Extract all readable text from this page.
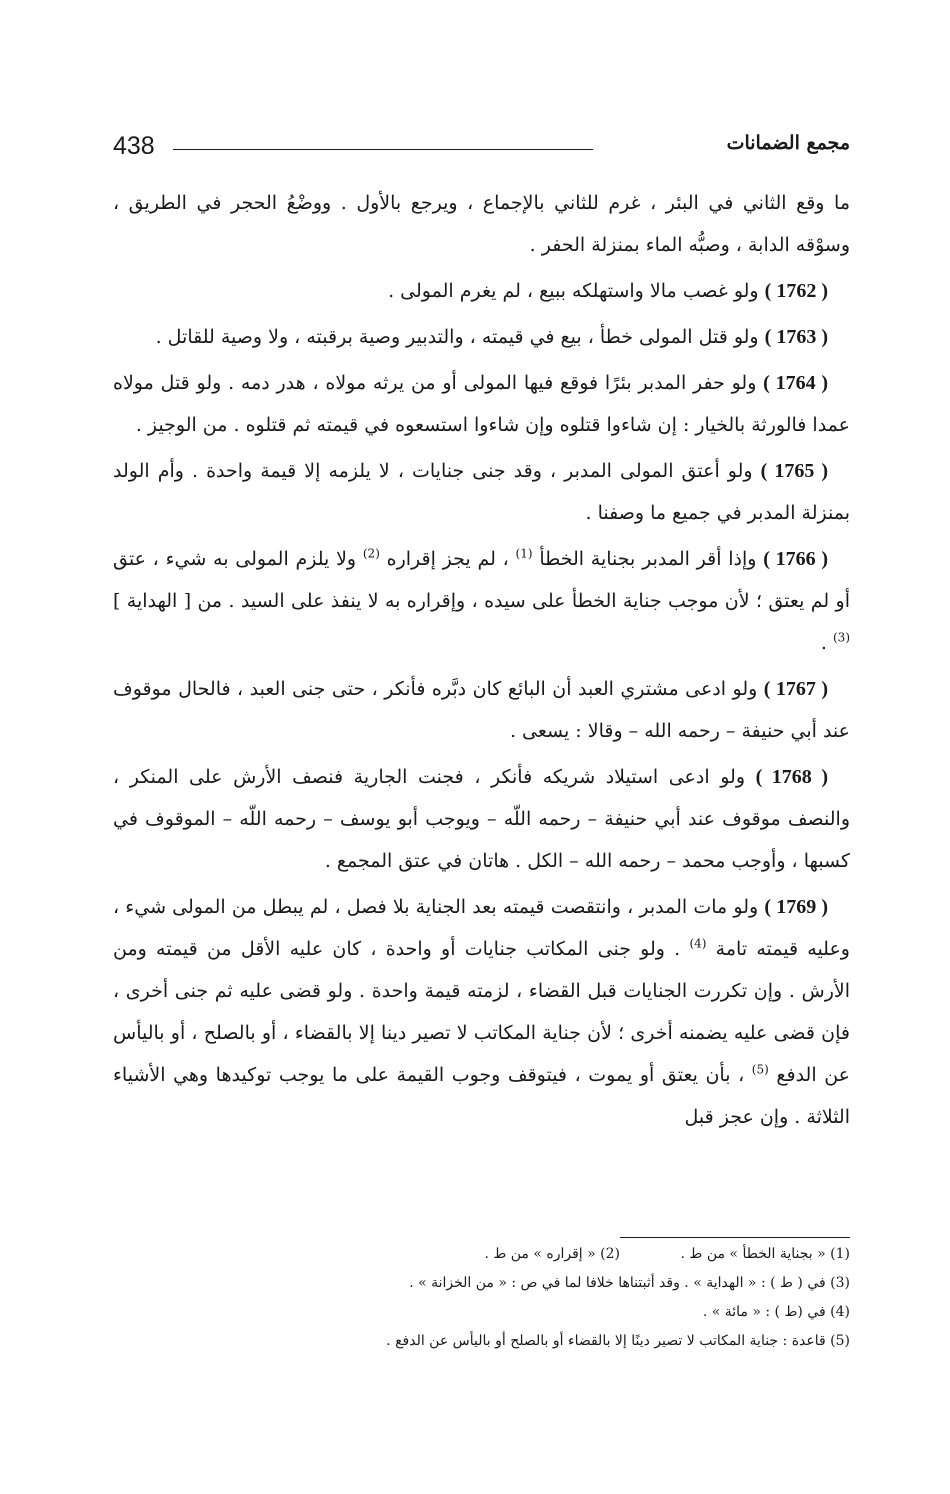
438	مجمع الضمانات

ما وقع الثاني في البئر ، غرم للثاني بالإجماع ، ويرجع بالأول . ووضْعُ الحجر في الطريق ، وسوْقه الدابة ، وصبُّه الماء بمنزلة الحفر .

( 1762 ) ولو غصب مالا واستهلكه ببيع ، لم يغرم المولى .

( 1763 ) ولو قتل المولى خطأ ، بيع في قيمته ، والتدبير وصية برقبته ، ولا وصية للقاتل .

( 1764 ) ولو حفر المدبر بئرًا فوقع فيها المولى أو من يرثه مولاه ، هدر دمه . ولو قتل مولاه عمدا فالورثة بالخيار : إن شاءوا قتلوه وإن شاءوا استسعوه في قيمته ثم قتلوه . من الوجيز .

( 1765 ) ولو أعتق المولى المدبر ، وقد جنى جنايات ، لا يلزمه إلا قيمة واحدة . وأم الولد بمنزلة المدبر في جميع ما وصفنا .

( 1766 ) وإذا أقر المدبر بجناية الخطأ $^{(1)}$ ، لم يجز إقراره $^{(2)}$ ولا يلزم المولى به شيء ، عتق أو لم يعتق ؛ لأن موجب جناية الخطأ على سيده ، وإقراره به لا ينفذ على السيد . من [ الهداية ] $^{(3)}$ .

( 1767 ) ولو ادعى مشتري العبد أن البائع كان دبَّره فأنكر ، حتى جنى العبد ، فالحال موقوف عند أبي حنيفة – رحمه الله – وقالا : يسعى .

( 1768 ) ولو ادعى استيلاد شريكه فأنكر ، فجنت الجارية فنصف الأرش على المنكر ، والنصف موقوف عند أبي حنيفة – رحمه اللّه – ويوجب أبو يوسف – رحمه اللّه – الموقوف في كسبها ، وأوجب محمد – رحمه الله – الكل . هاتان في عتق المجمع .

( 1769 ) ولو مات المدبر ، وانتقصت قيمته بعد الجناية بلا فصل ، لم يبطل من المولى شيء ، وعليه قيمته تامة $^{(4)}$ . ولو جنى المكاتب جنايات أو واحدة ، كان عليه الأقل من قيمته ومن الأرش . وإن تكررت الجنايات قبل القضاء ، لزمته قيمة واحدة . ولو قضى عليه ثم جنى أخرى ، فإن قضى عليه يضمنه أخرى ؛ لأن جناية المكاتب لا تصير دينا إلا بالقضاء ، أو بالصلح ، أو باليأس عن الدفع $^{(5)}$ ، بأن يعتق أو يموت ، فيتوقف وجوب القيمة على ما يوجب توكيدها وهي الأشياء الثلاثة . وإن عجز قبل

(1) « بجناية الخطأ » من ط .

(2) « إقراره » من ط .

(3) في ( ط ) : « الهداية » . وقد أثبتناها خلافا لما في ص : « من الخزانة » .

(4) في (ط ) : « مائة » .

(5) قاعدة : جناية المكاتب لا تصير دينًا إلا بالقضاء أو بالصلح أو باليأس عن الدفع .
